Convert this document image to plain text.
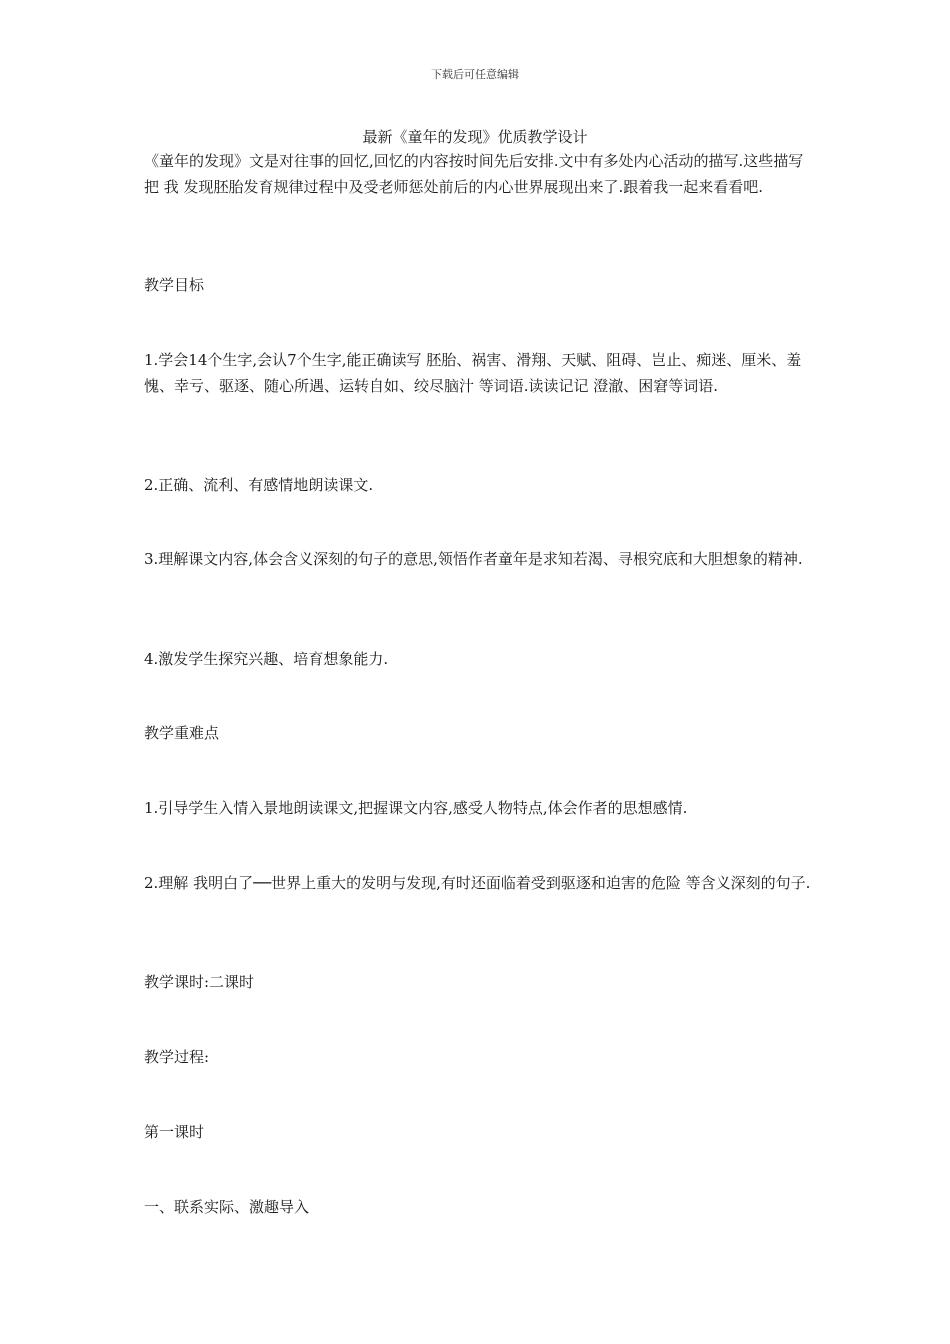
下载后可任意编辑
最新《童年的发现》优质教学设计

《童年的发现》文是对往事的回忆,回忆的内容按时间先后安排.文中有多处内心活动的描写.这些描写把 我 发现胚胎发育规律过程中及受老师惩处前后的内心世界展现出来了.跟着我一起来看看吧.

教学目标

1.学会14个生字,会认7个生字,能正确读写 胚胎、祸害、滑翔、天赋、阻碍、岂止、痴迷、厘米、羞愧、幸亏、驱逐、随心所遇、运转自如、绞尽脑汁 等词语.读读记记 澄澈、困窘等词语.

2.正确、流利、有感情地朗读课文.

3.理解课文内容,体会含义深刻的句子的意思,领悟作者童年是求知若渴、寻根究底和大胆想象的精神.

4.激发学生探究兴趣、培育想象能力.

教学重难点

1.引导学生入情入景地朗读课文,把握课文内容,感受人物特点,体会作者的思想感情.

2.理解 我明白了──世界上重大的发明与发现,有时还面临着受到驱逐和迫害的危险 等含义深刻的句子.

教学课时:二课时

教学过程:

第一课时

一、联系实际、激趣导入
